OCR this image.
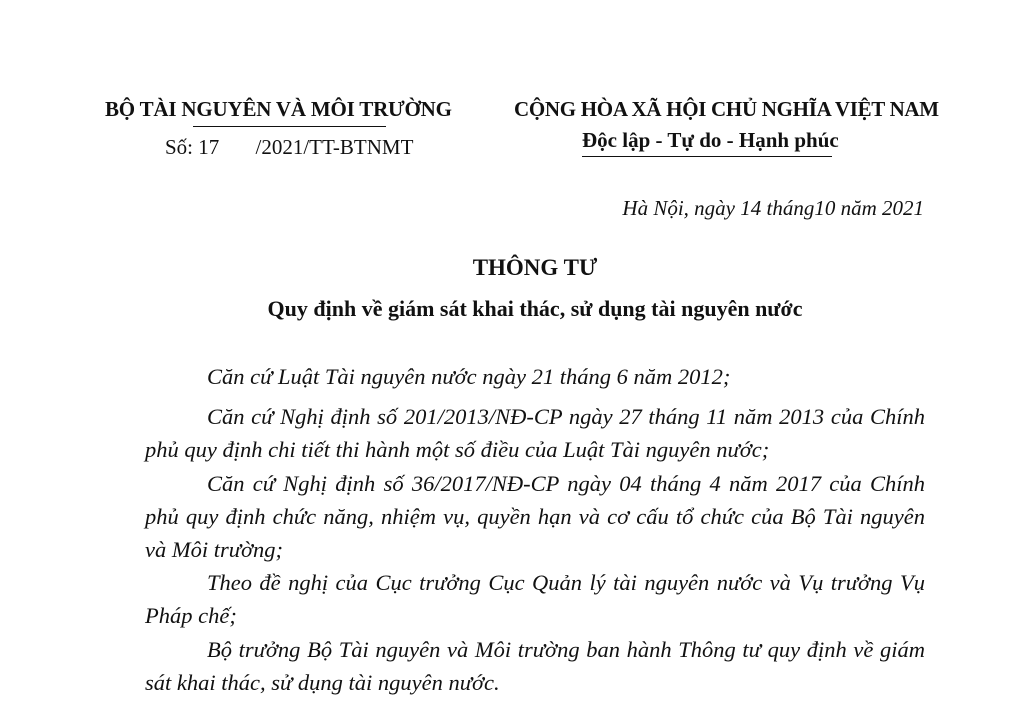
BỘ TÀI NGUYÊN VÀ MÔI TRƯỜNG
Số: 17 /2021/TT-BTNMT
CỘNG HÒA XÃ HỘI CHỦ NGHĨA VIỆT NAM
Độc lập - Tự do - Hạnh phúc
Hà Nội, ngày 14 tháng10 năm 2021
THÔNG TƯ
Quy định về giám sát khai thác, sử dụng tài nguyên nước
Căn cứ Luật Tài nguyên nước ngày 21 tháng 6 năm 2012;
Căn cứ Nghị định số 201/2013/NĐ-CP ngày 27 tháng 11 năm 2013 của Chính phủ quy định chi tiết thi hành một số điều của Luật Tài nguyên nước;
Căn cứ Nghị định số 36/2017/NĐ-CP ngày 04 tháng 4 năm 2017 của Chính phủ quy định chức năng, nhiệm vụ, quyền hạn và cơ cấu tổ chức của Bộ Tài nguyên và Môi trường;
Theo đề nghị của Cục trưởng Cục Quản lý tài nguyên nước và Vụ trưởng Vụ Pháp chế;
Bộ trưởng Bộ Tài nguyên và Môi trường ban hành Thông tư quy định về giám sát khai thác, sử dụng tài nguyên nước.
